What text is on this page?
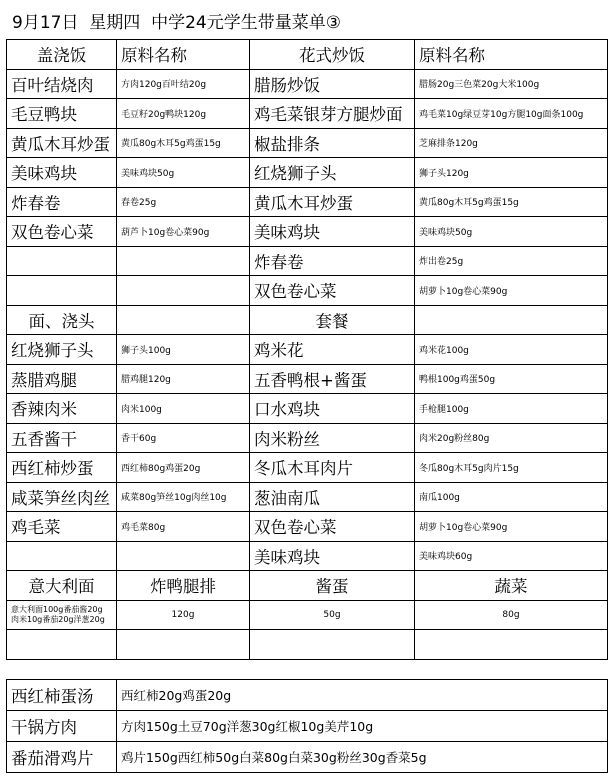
9月17日  星期四  中学24元学生带量菜单③
盖浇饭	原料名称	花式炒饭	原料名称
百叶结烧肉	方肉120g百叶结20g	腊肠炒饭	腊肠20g三色菜20g大米100g
毛豆鸭块	毛豆籽20g鸭块120g	鸡毛菜银芽方腿炒面	鸡毛菜10g绿豆芽10g方腿10g面条100g
黄瓜木耳炒蛋	黄瓜80g木耳5g鸡蛋15g	椒盐排条	芝麻排条120g
美味鸡块	美味鸡块50g	红烧狮子头	狮子头120g
炸春卷	春卷25g	黄瓜木耳炒蛋	黄瓜80g木耳5g鸡蛋15g
双色卷心菜	葫芦卜10g卷心菜90g	美味鸡块	美味鸡块50g
		炸春卷	炸出卷25g
		双色卷心菜	胡萝卜10g卷心菜90g
面、浇头		套餐	
红烧狮子头	狮子头100g	鸡米花	鸡米花100g
蒸腊鸡腿	腊鸡腿120g	五香鸭根+酱蛋	鸭根100g鸡蛋50g
香辣肉米	肉米100g	口水鸡块	手枪腿100g
五香酱干	香干60g	肉米粉丝	肉米20g粉丝80g
西红柿炒蛋	西红柿80g鸡蛋20g	冬瓜木耳肉片	冬瓜80g木耳5g肉片15g
咸菜笋丝肉丝	咸菜80g笋丝10g肉丝10g	葱油南瓜	南瓜100g
鸡毛菜	鸡毛菜80g	双色卷心菜	胡萝卜10g卷心菜90g
		美味鸡块	美味鸡块60g
意大利面	炸鸭腿排	酱蛋	蔬菜
意大利面100g番茄酱20g
肉米10g番茄20g洋葱20g	120g	50g	80g

西红柿蛋汤	西红柿20g鸡蛋20g
干锅方肉	方肉150g土豆70g洋葱30g红椒10g美芹10g
番茄滑鸡片	鸡片150g西红柿50g白菜80g白菜30g粉丝30g香菜5g
